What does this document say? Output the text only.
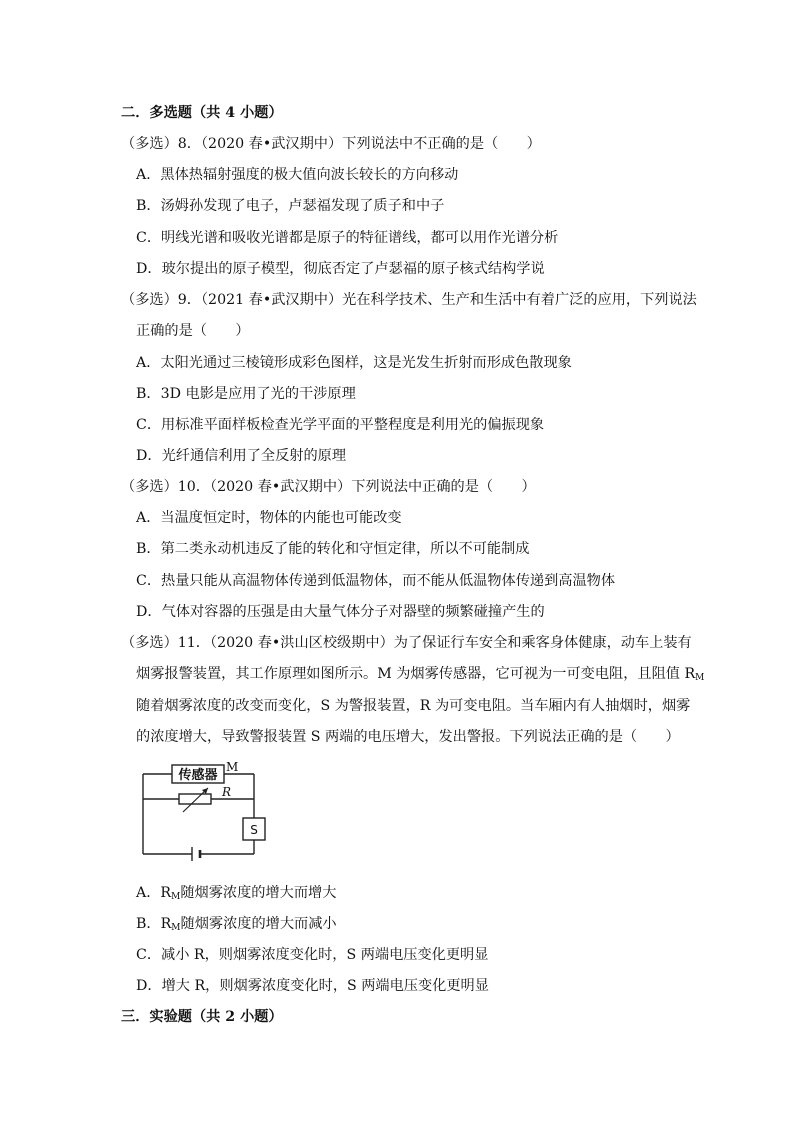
二．多选题（共 4 小题）
（多选）8．（2020 春•武汉期中）下列说法中不正确的是（　　）
A．黑体热辐射强度的极大值向波长较长的方向移动
B．汤姆孙发现了电子，卢瑟福发现了质子和中子
C．明线光谱和吸收光谱都是原子的特征谱线，都可以用作光谱分析
D．玻尔提出的原子模型，彻底否定了卢瑟福的原子核式结构学说
（多选）9．（2021 春•武汉期中）光在科学技术、生产和生活中有着广泛的应用，下列说法
正确的是（　　）
A．太阳光通过三棱镜形成彩色图样，这是光发生折射而形成色散现象
B．3D 电影是应用了光的干涉原理
C．用标准平面样板检查光学平面的平整程度是利用光的偏振现象
D．光纤通信利用了全反射的原理
（多选）10．（2020 春•武汉期中）下列说法中正确的是（　　）
A．当温度恒定时，物体的内能也可能改变
B．第二类永动机违反了能的转化和守恒定律，所以不可能制成
C．热量只能从高温物体传递到低温物体，而不能从低温物体传递到高温物体
D．气体对容器的压强是由大量气体分子对器壁的频繁碰撞产生的
（多选）11．（2020 春•洪山区校级期中）为了保证行车安全和乘客身体健康，动车上装有
烟雾报警装置，其工作原理如图所示。M 为烟雾传感器，它可视为一可变电阻，且阻值 $R_M$
随着烟雾浓度的改变而变化，S 为警报装置，R 为可变电阻。当车厢内有人抽烟时，烟雾
的浓度增大，导致警报装置 S 两端的电压增大，发出警报。下列说法正确的是（　　）
传感器
M
R
S
A．$R_M$随烟雾浓度的增大而增大
B．$R_M$随烟雾浓度的增大而减小
C．减小 R，则烟雾浓度变化时，S 两端电压变化更明显
D．增大 R，则烟雾浓度变化时，S 两端电压变化更明显
三．实验题（共 2 小题）
